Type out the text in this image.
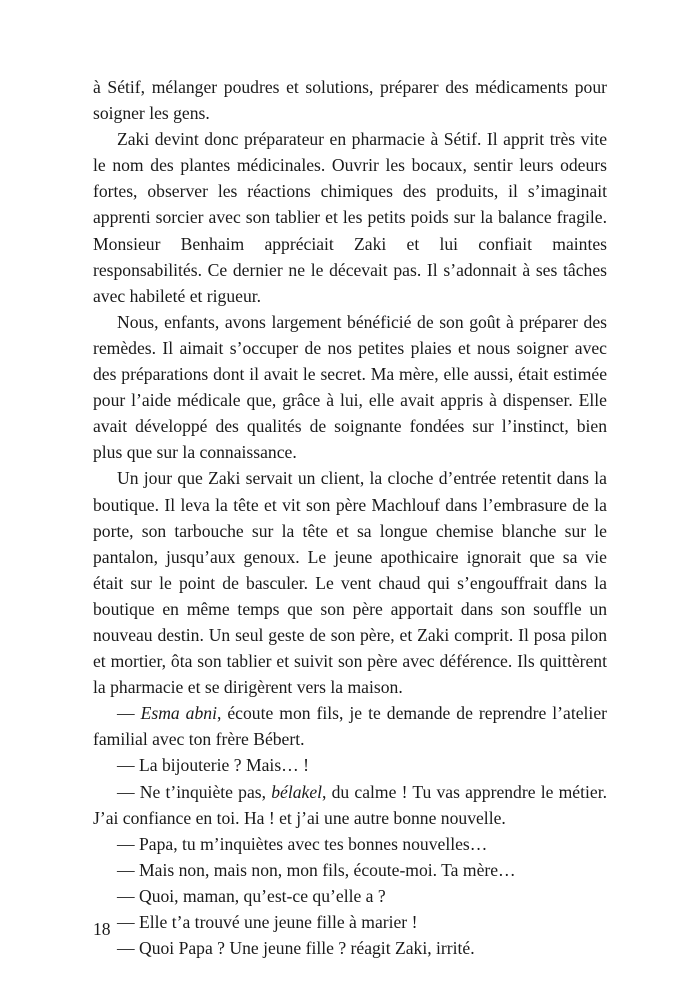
à Sétif, mélanger poudres et solutions, préparer des médicaments pour soigner les gens.

Zaki devint donc préparateur en pharmacie à Sétif. Il apprit très vite le nom des plantes médicinales. Ouvrir les bocaux, sentir leurs odeurs fortes, observer les réactions chimiques des produits, il s’imaginait apprenti sorcier avec son tablier et les petits poids sur la balance fragile. Monsieur Benhaim appréciait Zaki et lui confiait maintes responsabilités. Ce dernier ne le décevait pas. Il s’adonnait à ses tâches avec habileté et rigueur.

Nous, enfants, avons largement bénéficié de son goût à préparer des remèdes. Il aimait s’occuper de nos petites plaies et nous soigner avec des préparations dont il avait le secret. Ma mère, elle aussi, était estimée pour l’aide médicale que, grâce à lui, elle avait appris à dispenser. Elle avait développé des qualités de soignante fondées sur l’instinct, bien plus que sur la connaissance.

Un jour que Zaki servait un client, la cloche d’entrée retentit dans la boutique. Il leva la tête et vit son père Machlouf dans l’embrasure de la porte, son tarbouche sur la tête et sa longue chemise blanche sur le pantalon, jusqu’aux genoux. Le jeune apothicaire ignorait que sa vie était sur le point de basculer. Le vent chaud qui s’engouffrait dans la boutique en même temps que son père apportait dans son souffle un nouveau destin. Un seul geste de son père, et Zaki comprit. Il posa pilon et mortier, ôta son tablier et suivit son père avec déférence. Ils quittèrent la pharmacie et se dirigèrent vers la maison.

— Esma abni, écoute mon fils, je te demande de reprendre l’atelier familial avec ton frère Bébert.

— La bijouterie ? Mais… !

— Ne t’inquiète pas, bélakel, du calme ! Tu vas apprendre le métier. J’ai confiance en toi. Ha ! et j’ai une autre bonne nouvelle.

— Papa, tu m’inquiètes avec tes bonnes nouvelles…

— Mais non, mais non, mon fils, écoute-moi. Ta mère…

— Quoi, maman, qu’est-ce qu’elle a ?

— Elle t’a trouvé une jeune fille à marier !

— Quoi Papa ? Une jeune fille ? réagit Zaki, irrité.

18
